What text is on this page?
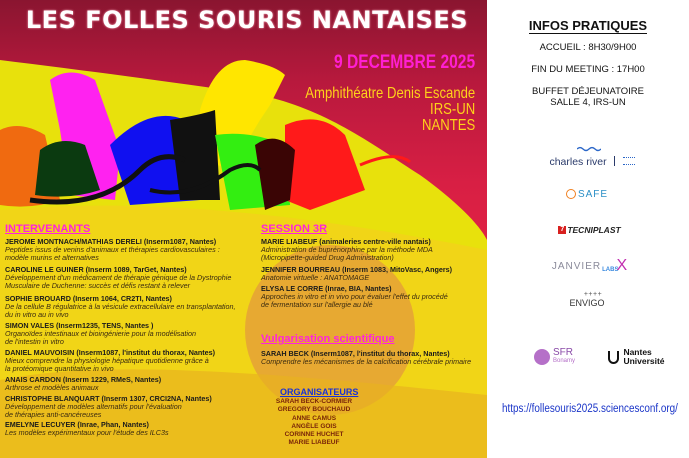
LES FOLLES SOURIS NANTAISES
9 DECEMBRE 2025
Amphithéatre Denis Escande
IRS-UN
NANTES
INTERVENANTS
JEROME MONTNACH/MATHIAS DERELI (Inserm1087, Nantes)
Peptides issus de venins d'animaux et thérapies cardiovasculaires :
modèle murins et alternatives
CAROLINE LE GUINER (Inserm 1089, TarGet, Nantes)
Développement d'un médicament de thérapie génique de la Dystrophie
Musculaire de Duchenne: succès et défis restant à relever
SOPHIE BROUARD (Inserm 1064, CR2TI, Nantes)
De la cellule B régulatrice à la vésicule extracellulaire en transplantation,
du in vitro au in vivo
SIMON VALES (Inserm1235, TENS, Nantes )
Organoïdes intestinaux et bioingénierie pour la modélisation
de l'intestin in vitro
DANIEL MAUVOISIN (Inserm1087, l'institut du thorax, Nantes)
Mieux comprendre la physiologie hépatique quotidienne grâce à
la protéomique quantitative in vivo
ANAIS CARDON (Inserm 1229, RMeS, Nantes)
Arthrose et modèles animaux
CHRISTOPHE BLANQUART (Inserm 1307, CRCI2NA, Nantes)
Développement de modèles alternatifs pour l'évaluation
de thérapies anti-cancéreuses
EMELYNE LECUYER (Inrae, Phan, Nantes)
Les modèles expérimentaux pour l'étude des ILC3s
SESSION 3R
MARIE LIABEUF (animaleries centre-ville nantais)
Administration de buprénorphine par la méthode MDA
(Micropipette-guided Drug Administration)
JENNIFER BOURREAU (Inserm 1083, MitoVasc, Angers)
Anatomie virtuelle : ANATOMAGE
ELYSA LE CORRE (Inrae, BIA, Nantes)
Approches in vitro et in vivo pour évaluer l'effet du procédé
de fermentation sur l'allergie au blé
Vulgarisation scientifique
SARAH BECK (Inserm1087, l'institut du thorax, Nantes)
Comprendre les mécanismes de la calcification cérébrale primaire
ORGANISATEURS
SARAH BECK-CORMIER
GREGORY BOUCHAUD
ANNE CAMUS
ANGÈLE GOIS
CORINNE HUCHET
MARIE LIABEUF
INFOS PRATIQUES
ACCUEIL : 8H30/9H00
FIN DU MEETING : 17H00
BUFFET DÉJEUNATOIRE
SALLE 4, IRS-UN
charles river
SAFE
7 TECNIPLAST
JANVIER LABS
X
++++
ENVIGO
SFR
Bonamy
Nantes
Université
https://follesouris2025.sciencesconf.org/
